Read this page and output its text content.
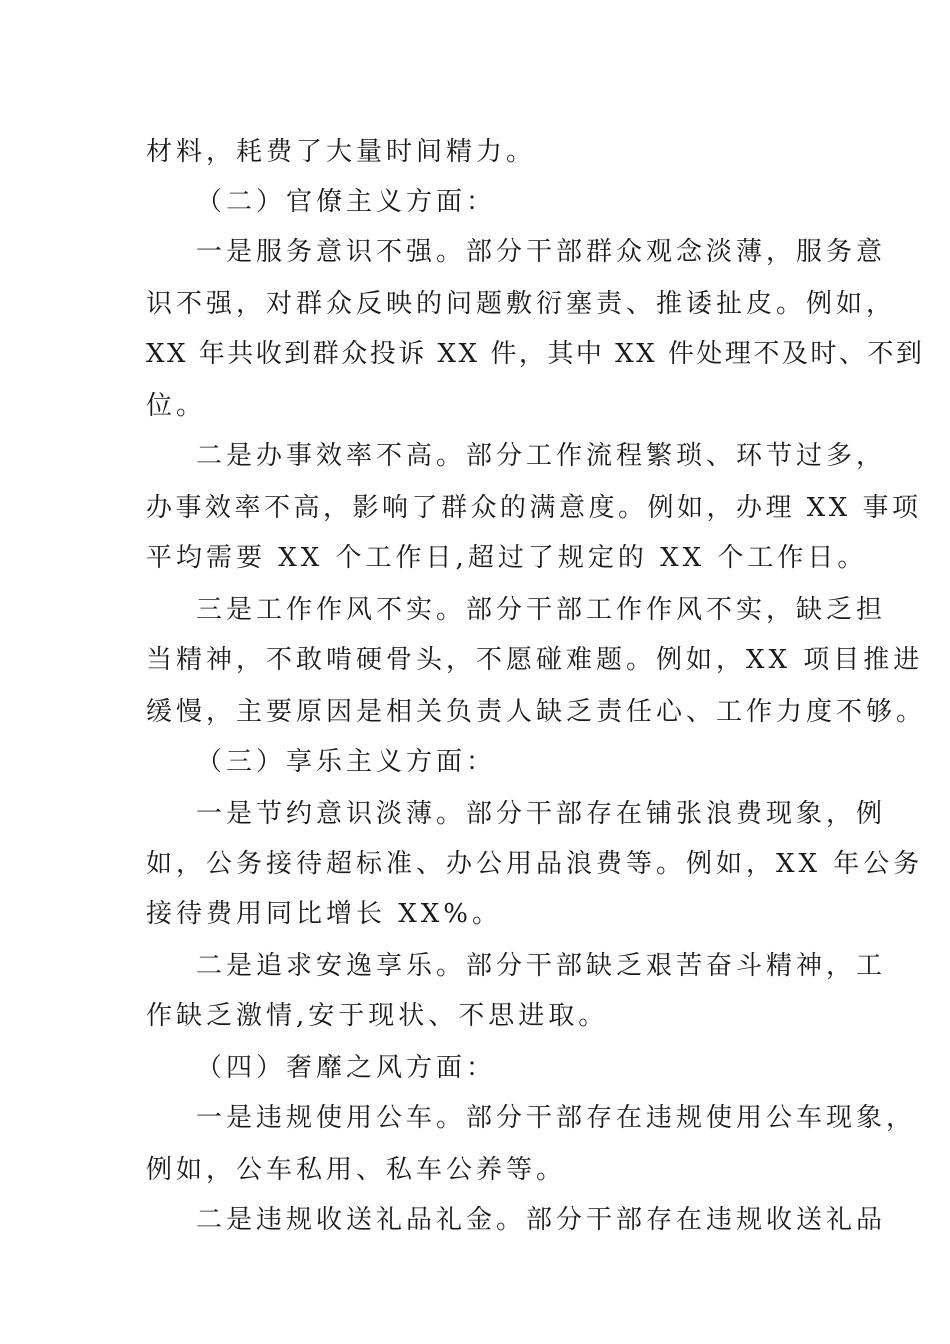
材料，耗费了大量时间精力。
（二）官僚主义方面：
一是服务意识不强。部分干部群众观念淡薄，服务意
识不强，对群众反映的问题敷衍塞责、推诿扯皮。例如，
XX 年共收到群众投诉 XX 件，其中 XX 件处理不及时、不到
位。
二是办事效率不高。部分工作流程繁琐、环节过多，
办事效率不高，影响了群众的满意度。例如，办理 XX 事项
平均需要 XX 个工作日,超过了规定的 XX 个工作日。
三是工作作风不实。部分干部工作作风不实，缺乏担
当精神，不敢啃硬骨头，不愿碰难题。例如，XX 项目推进
缓慢，主要原因是相关负责人缺乏责任心、工作力度不够。
（三）享乐主义方面：
一是节约意识淡薄。部分干部存在铺张浪费现象，例
如，公务接待超标准、办公用品浪费等。例如，XX 年公务
接待费用同比增长 XX%。
二是追求安逸享乐。部分干部缺乏艰苦奋斗精神，工
作缺乏激情,安于现状、不思进取。
（四）奢靡之风方面：
一是违规使用公车。部分干部存在违规使用公车现象，
例如，公车私用、私车公养等。
二是违规收送礼品礼金。部分干部存在违规收送礼品
